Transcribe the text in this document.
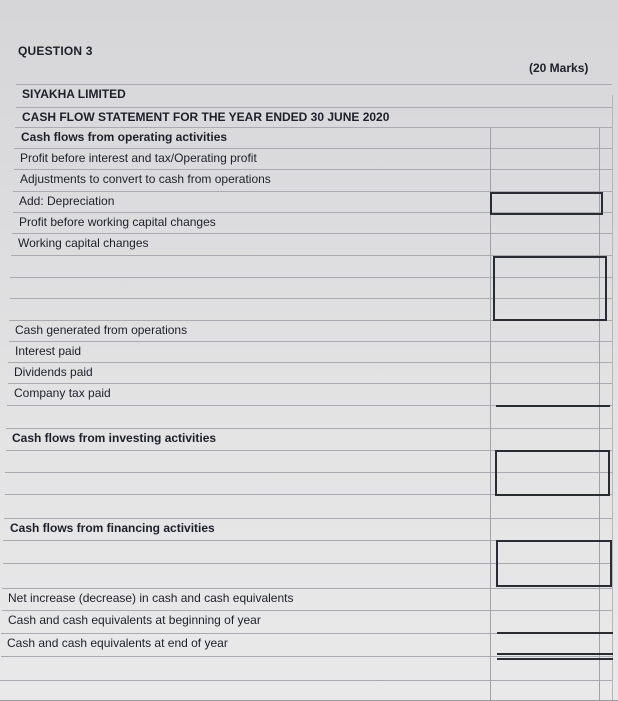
QUESTION 3
(20 Marks)
SIYAKHA LIMITED
CASH FLOW STATEMENT FOR THE YEAR ENDED 30 JUNE 2020
Cash flows from operating activities
Profit before interest and tax/Operating profit
Adjustments to convert to cash from operations
Add: Depreciation
Profit before working capital changes
Working capital changes
Cash generated from operations
Interest paid
Dividends paid
Company tax paid
Cash flows from investing activities
Cash flows from financing activities
Net increase (decrease) in cash and cash equivalents
Cash and cash equivalents at beginning of year
Cash and cash equivalents at end of year
